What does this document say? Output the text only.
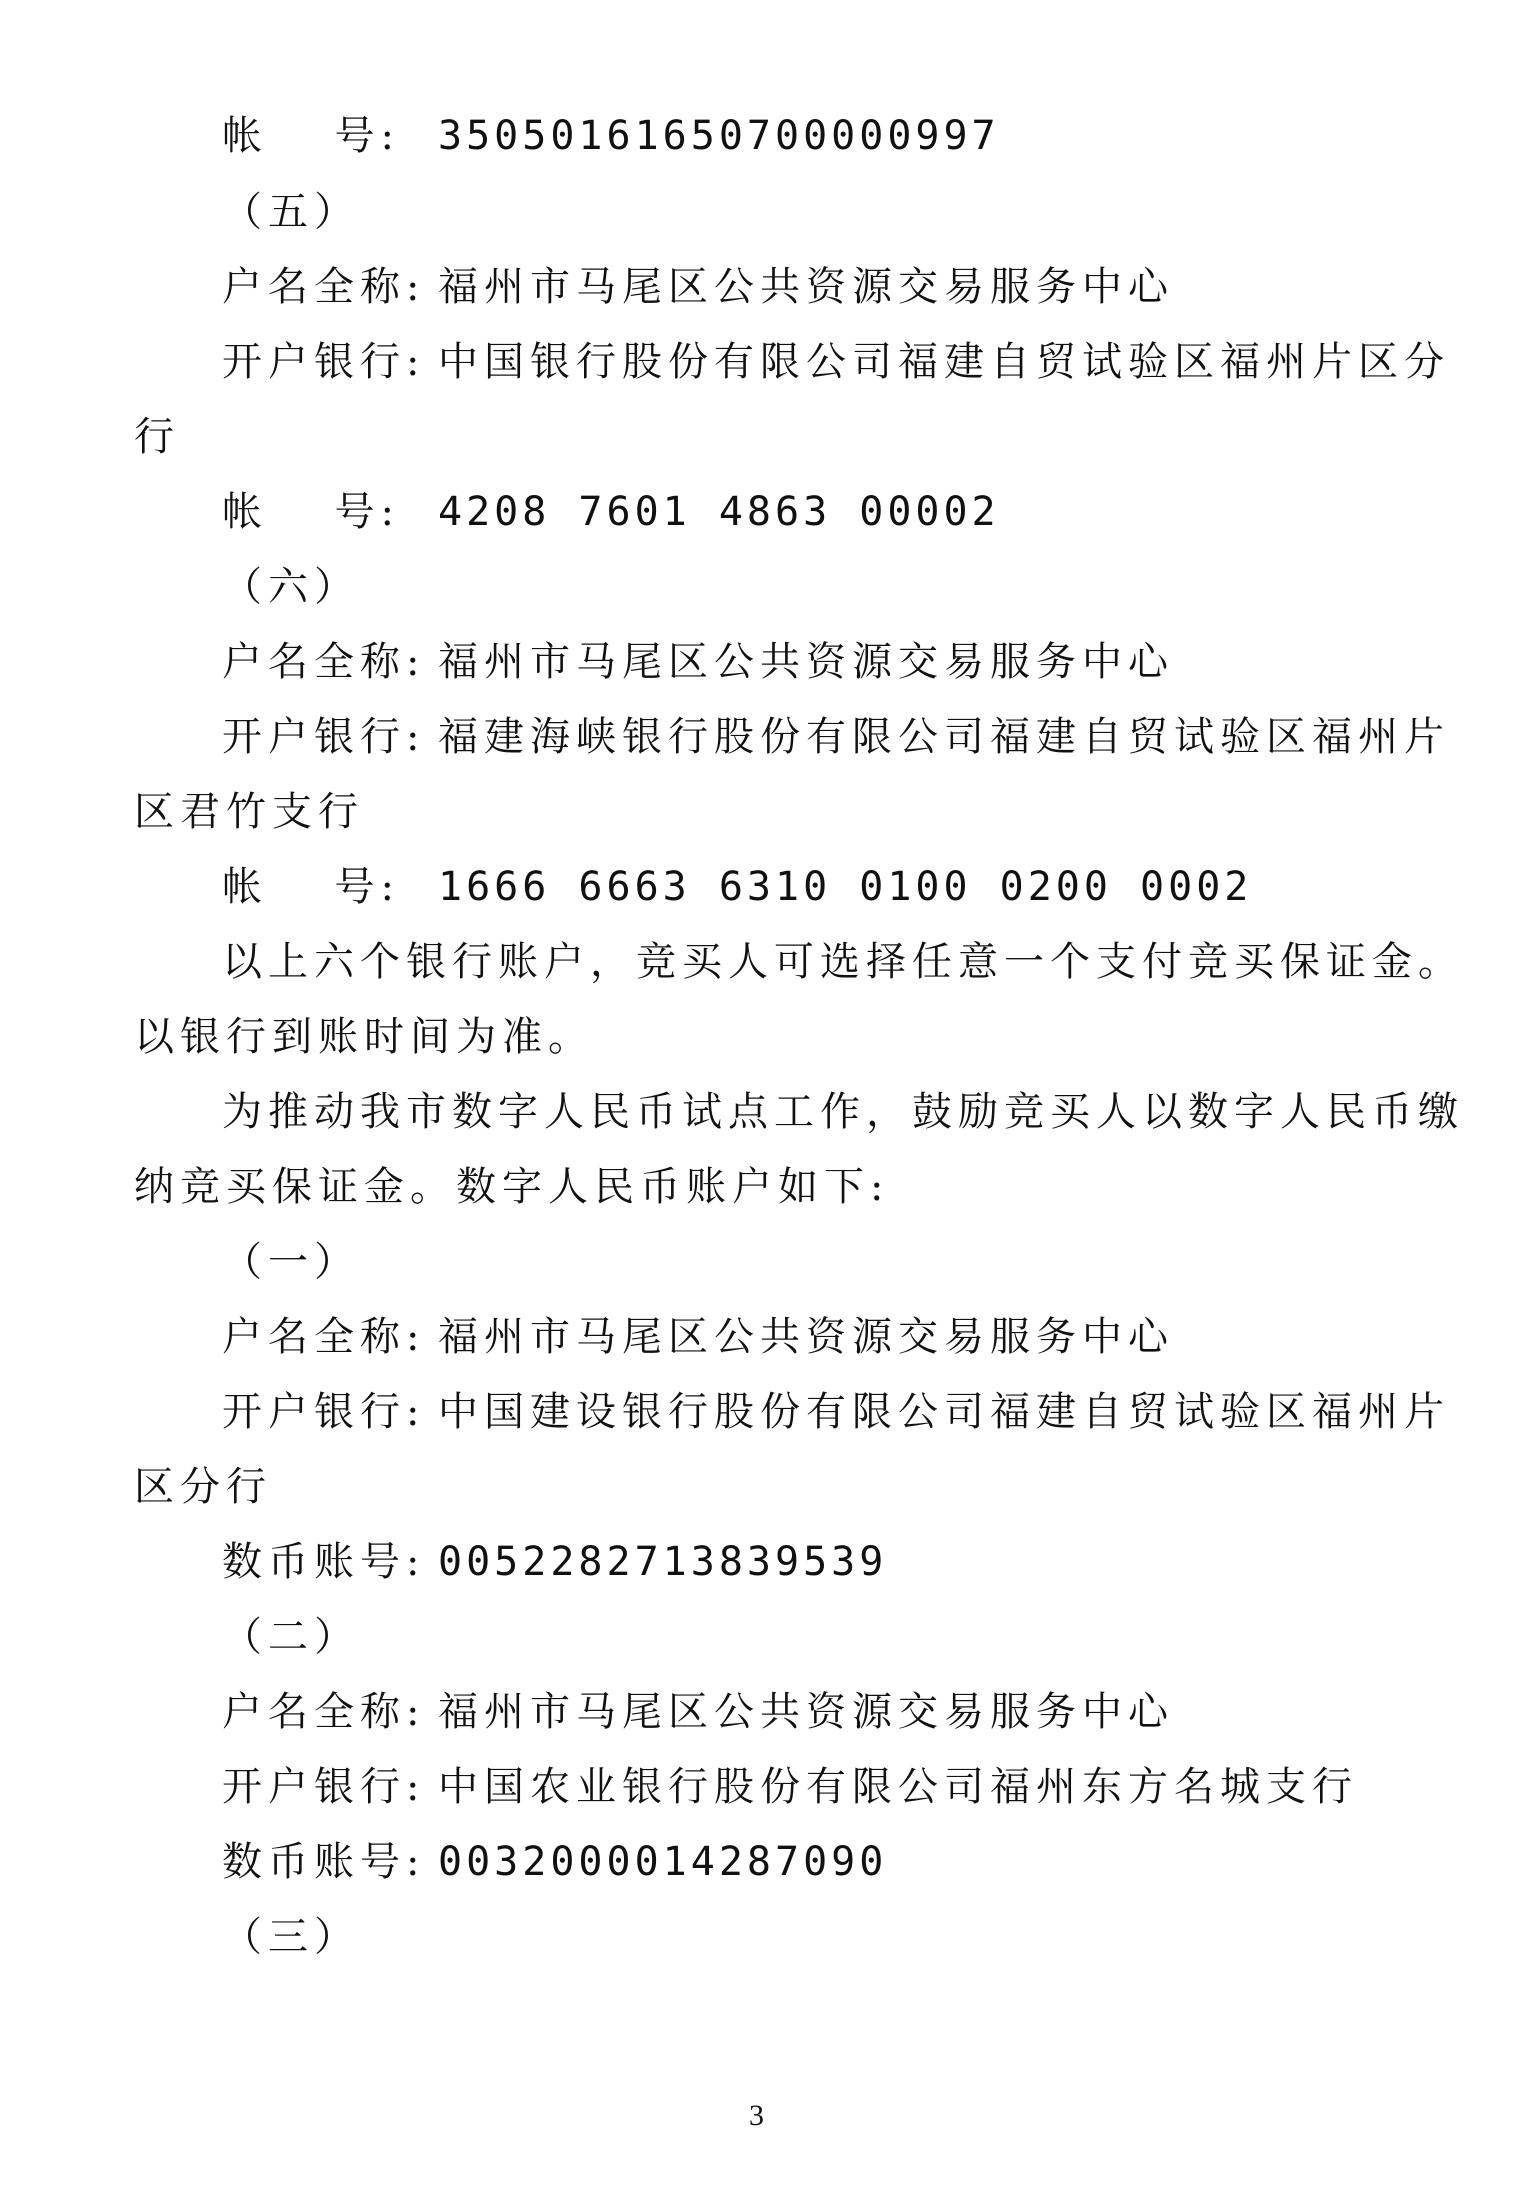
帐 号: 35050161650700000997
（五）
户名全称: 福州市马尾区公共资源交易服务中心
开户银行: 中国银行股份有限公司福建自贸试验区福州片区分
行
帐 号: 4208 7601 4863 00002
（六）
户名全称: 福州市马尾区公共资源交易服务中心
开户银行: 福建海峡银行股份有限公司福建自贸试验区福州片
区君竹支行
帐 号: 1666 6663 6310 0100 0200 0002
以上六个银行账户，竞买人可选择任意一个支付竞买保证金。
以银行到账时间为准。
为推动我市数字人民币试点工作，鼓励竞买人以数字人民币缴
纳竞买保证金。数字人民币账户如下:
（一）
户名全称: 福州市马尾区公共资源交易服务中心
开户银行: 中国建设银行股份有限公司福建自贸试验区福州片
区分行
数币账号: 0052282713839539
（二）
户名全称: 福州市马尾区公共资源交易服务中心
开户银行: 中国农业银行股份有限公司福州东方名城支行
数币账号: 0032000014287090
（三）
3
